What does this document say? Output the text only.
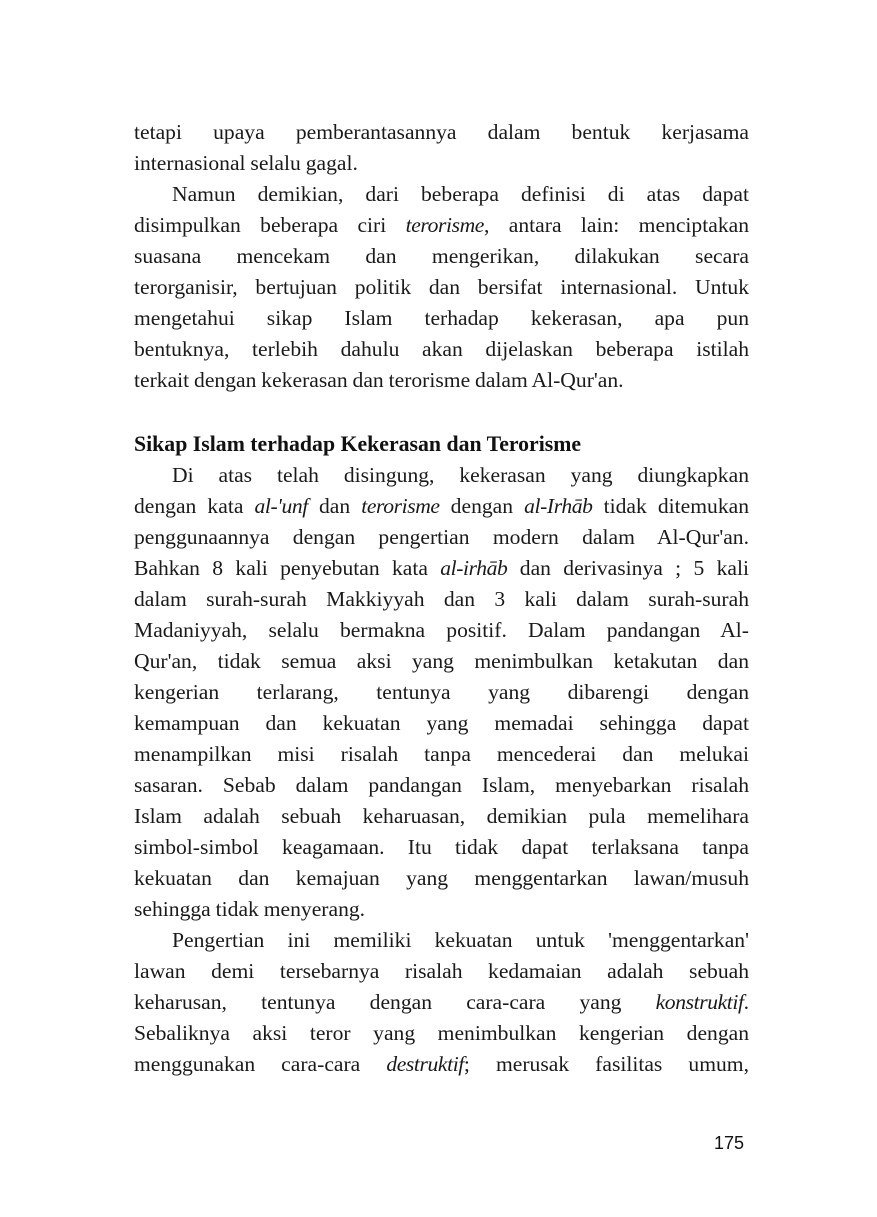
tetapi upaya pemberantasannya dalam bentuk kerjasama
internasional selalu gagal.

Namun demikian, dari beberapa definisi di atas dapat
disimpulkan beberapa ciri terorisme, antara lain: menciptakan
suasana mencekam dan mengerikan, dilakukan secara
terorganisir, bertujuan politik dan bersifat internasional. Untuk
mengetahui sikap Islam terhadap kekerasan, apa pun
bentuknya, terlebih dahulu akan dijelaskan beberapa istilah
terkait dengan kekerasan dan terorisme dalam Al-Qur'an.

Sikap Islam terhadap Kekerasan dan Terorisme

Di atas telah disingung, kekerasan yang diungkapkan
dengan kata al-'unf dan terorisme dengan al-Irhāb tidak ditemukan
penggunaannya dengan pengertian modern dalam Al-Qur'an.
Bahkan 8 kali penyebutan kata al-irhāb dan derivasinya ; 5 kali
dalam surah-surah Makkiyyah dan 3 kali dalam surah-surah
Madaniyyah, selalu bermakna positif. Dalam pandangan Al-
Qur'an, tidak semua aksi yang menimbulkan ketakutan dan
kengerian terlarang, tentunya yang dibarengi dengan
kemampuan dan kekuatan yang memadai sehingga dapat
menampilkan misi risalah tanpa mencederai dan melukai
sasaran. Sebab dalam pandangan Islam, menyebarkan risalah
Islam adalah sebuah keharuasan, demikian pula memelihara
simbol-simbol keagamaan. Itu tidak dapat terlaksana tanpa
kekuatan dan kemajuan yang menggentarkan lawan/musuh
sehingga tidak menyerang.

Pengertian ini memiliki kekuatan untuk 'menggentarkan'
lawan demi tersebarnya risalah kedamaian adalah sebuah
keharusan, tentunya dengan cara-cara yang konstruktif.
Sebaliknya aksi teror yang menimbulkan kengerian dengan
menggunakan cara-cara destruktif; merusak fasilitas umum,

175
